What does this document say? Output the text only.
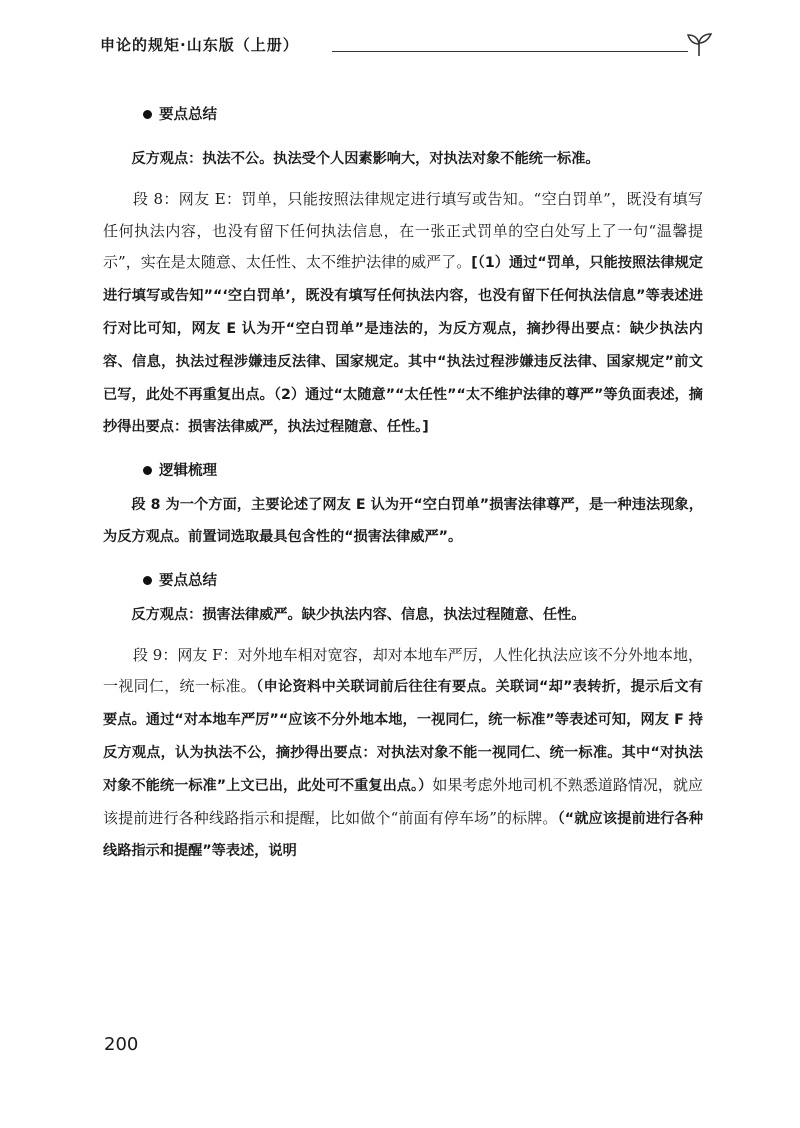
申论的规矩·山东版（上册）
要点总结

反方观点：执法不公。执法受个人因素影响大，对执法对象不能统一标准。

段 8：网友 E：罚单，只能按照法律规定进行填写或告知。“空白罚单”，既没有填写任何执法内容，也没有留下任何执法信息，在一张正式罚单的空白处写上了一句“温馨提示”，实在是太随意、太任性、太不维护法律的威严了。[（1）通过“罚单，只能按照法律规定进行填写或告知”“‘空白罚单’，既没有填写任何执法内容，也没有留下任何执法信息”等表述进行对比可知，网友 E 认为开“空白罚单”是违法的，为反方观点，摘抄得出要点：缺少执法内容、信息，执法过程涉嫌违反法律、国家规定。其中“执法过程涉嫌违反法律、国家规定”前文已写，此处不再重复出点。（2）通过“太随意”“太任性”“太不维护法律的尊严”等负面表述，摘抄得出要点：损害法律威严，执法过程随意、任性。]

逻辑梳理

段 8 为一个方面，主要论述了网友 E 认为开“空白罚单”损害法律尊严，是一种违法现象，为反方观点。前置词选取最具包含性的“损害法律威严”。

要点总结

反方观点：损害法律威严。缺少执法内容、信息，执法过程随意、任性。

段 9：网友 F：对外地车相对宽容，却对本地车严厉，人性化执法应该不分外地本地，一视同仁，统一标准。（申论资料中关联词前后往往有要点。关联词“却”表转折，提示后文有要点。通过“对本地车严厉”“应该不分外地本地，一视同仁，统一标准”等表述可知，网友 F 持反方观点，认为执法不公，摘抄得出要点：对执法对象不能一视同仁、统一标准。其中“对执法对象不能统一标准”上文已出，此处可不重复出点。）如果考虑外地司机不熟悉道路情况，就应该提前进行各种线路指示和提醒，比如做个“前面有停车场”的标牌。（“就应该提前进行各种线路指示和提醒”等表述，说明

200
